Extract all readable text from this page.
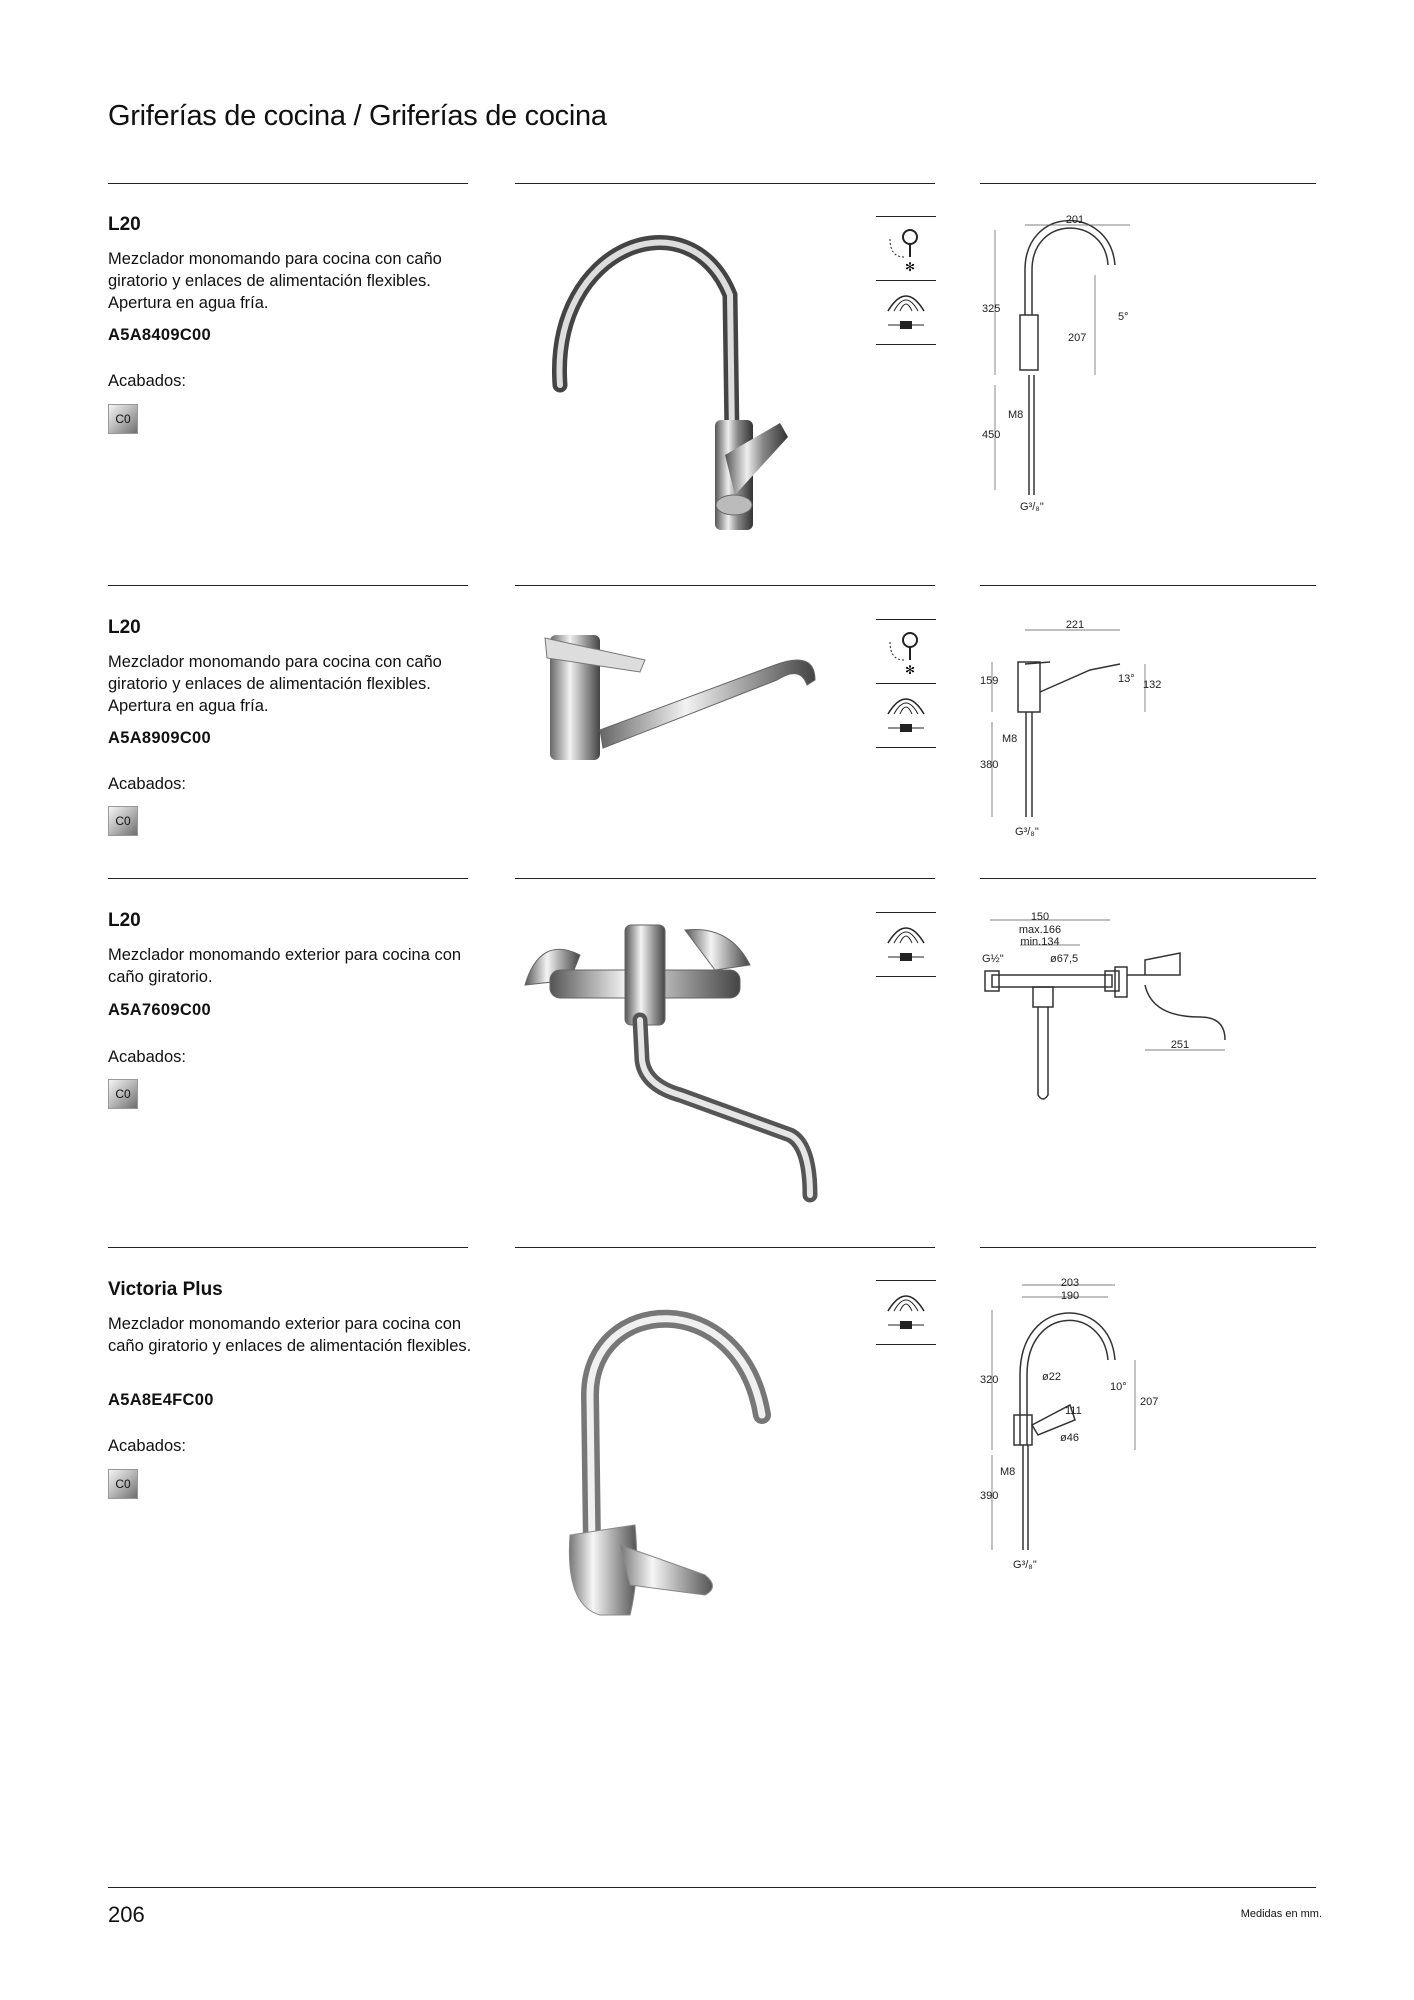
Griferías de cocina / Griferías de cocina
L20
Mezclador monomando para cocina con caño giratorio y enlaces de alimentación flexibles. Apertura en agua fría.
A5A8409C00
Acabados:
C0
✻
201
325
207
5°
M8
450
G³/₈"
L20
Mezclador monomando para cocina con caño giratorio y enlaces de alimentación flexibles. Apertura en agua fría.
A5A8909C00
Acabados:
C0
✻
221
159	13° 132
M8
380
G³/₈"
L20
Mezclador monomando exterior para cocina con caño giratorio.
A5A7609C00
Acabados:
C0
150
max.166
min.134
G½"	ø67,5
251
Victoria Plus
Mezclador monomando exterior para cocina con caño giratorio y enlaces de alimentación flexibles.
A5A8E4FC00
Acabados:
C0
203
190
320	ø22
10°
111
207
ø46
M8
390
G³/₈"
206	Medidas en mm.
